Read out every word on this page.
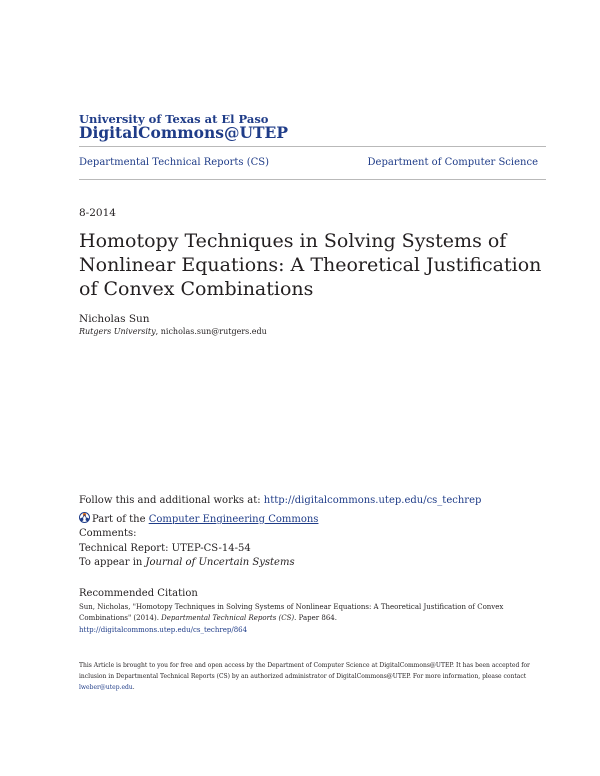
University of Texas at El Paso
DigitalCommons@UTEP
Departmental Technical Reports (CS)	Department of Computer Science
8-2014
Homotopy Techniques in Solving Systems of Nonlinear Equations: A Theoretical Justification of Convex Combinations
Nicholas Sun
Rutgers University, nicholas.sun@rutgers.edu
Follow this and additional works at: http://digitalcommons.utep.edu/cs_techrep
Part of the Computer Engineering Commons
Comments:
Technical Report: UTEP-CS-14-54
To appear in Journal of Uncertain Systems
Recommended Citation
Sun, Nicholas, "Homotopy Techniques in Solving Systems of Nonlinear Equations: A Theoretical Justification of Convex
Combinations" (2014). Departmental Technical Reports (CS). Paper 864.
http://digitalcommons.utep.edu/cs_techrep/864
This Article is brought to you for free and open access by the Department of Computer Science at DigitalCommons@UTEP. It has been accepted for
inclusion in Departmental Technical Reports (CS) by an authorized administrator of DigitalCommons@UTEP. For more information, please contact
lweber@utep.edu.
